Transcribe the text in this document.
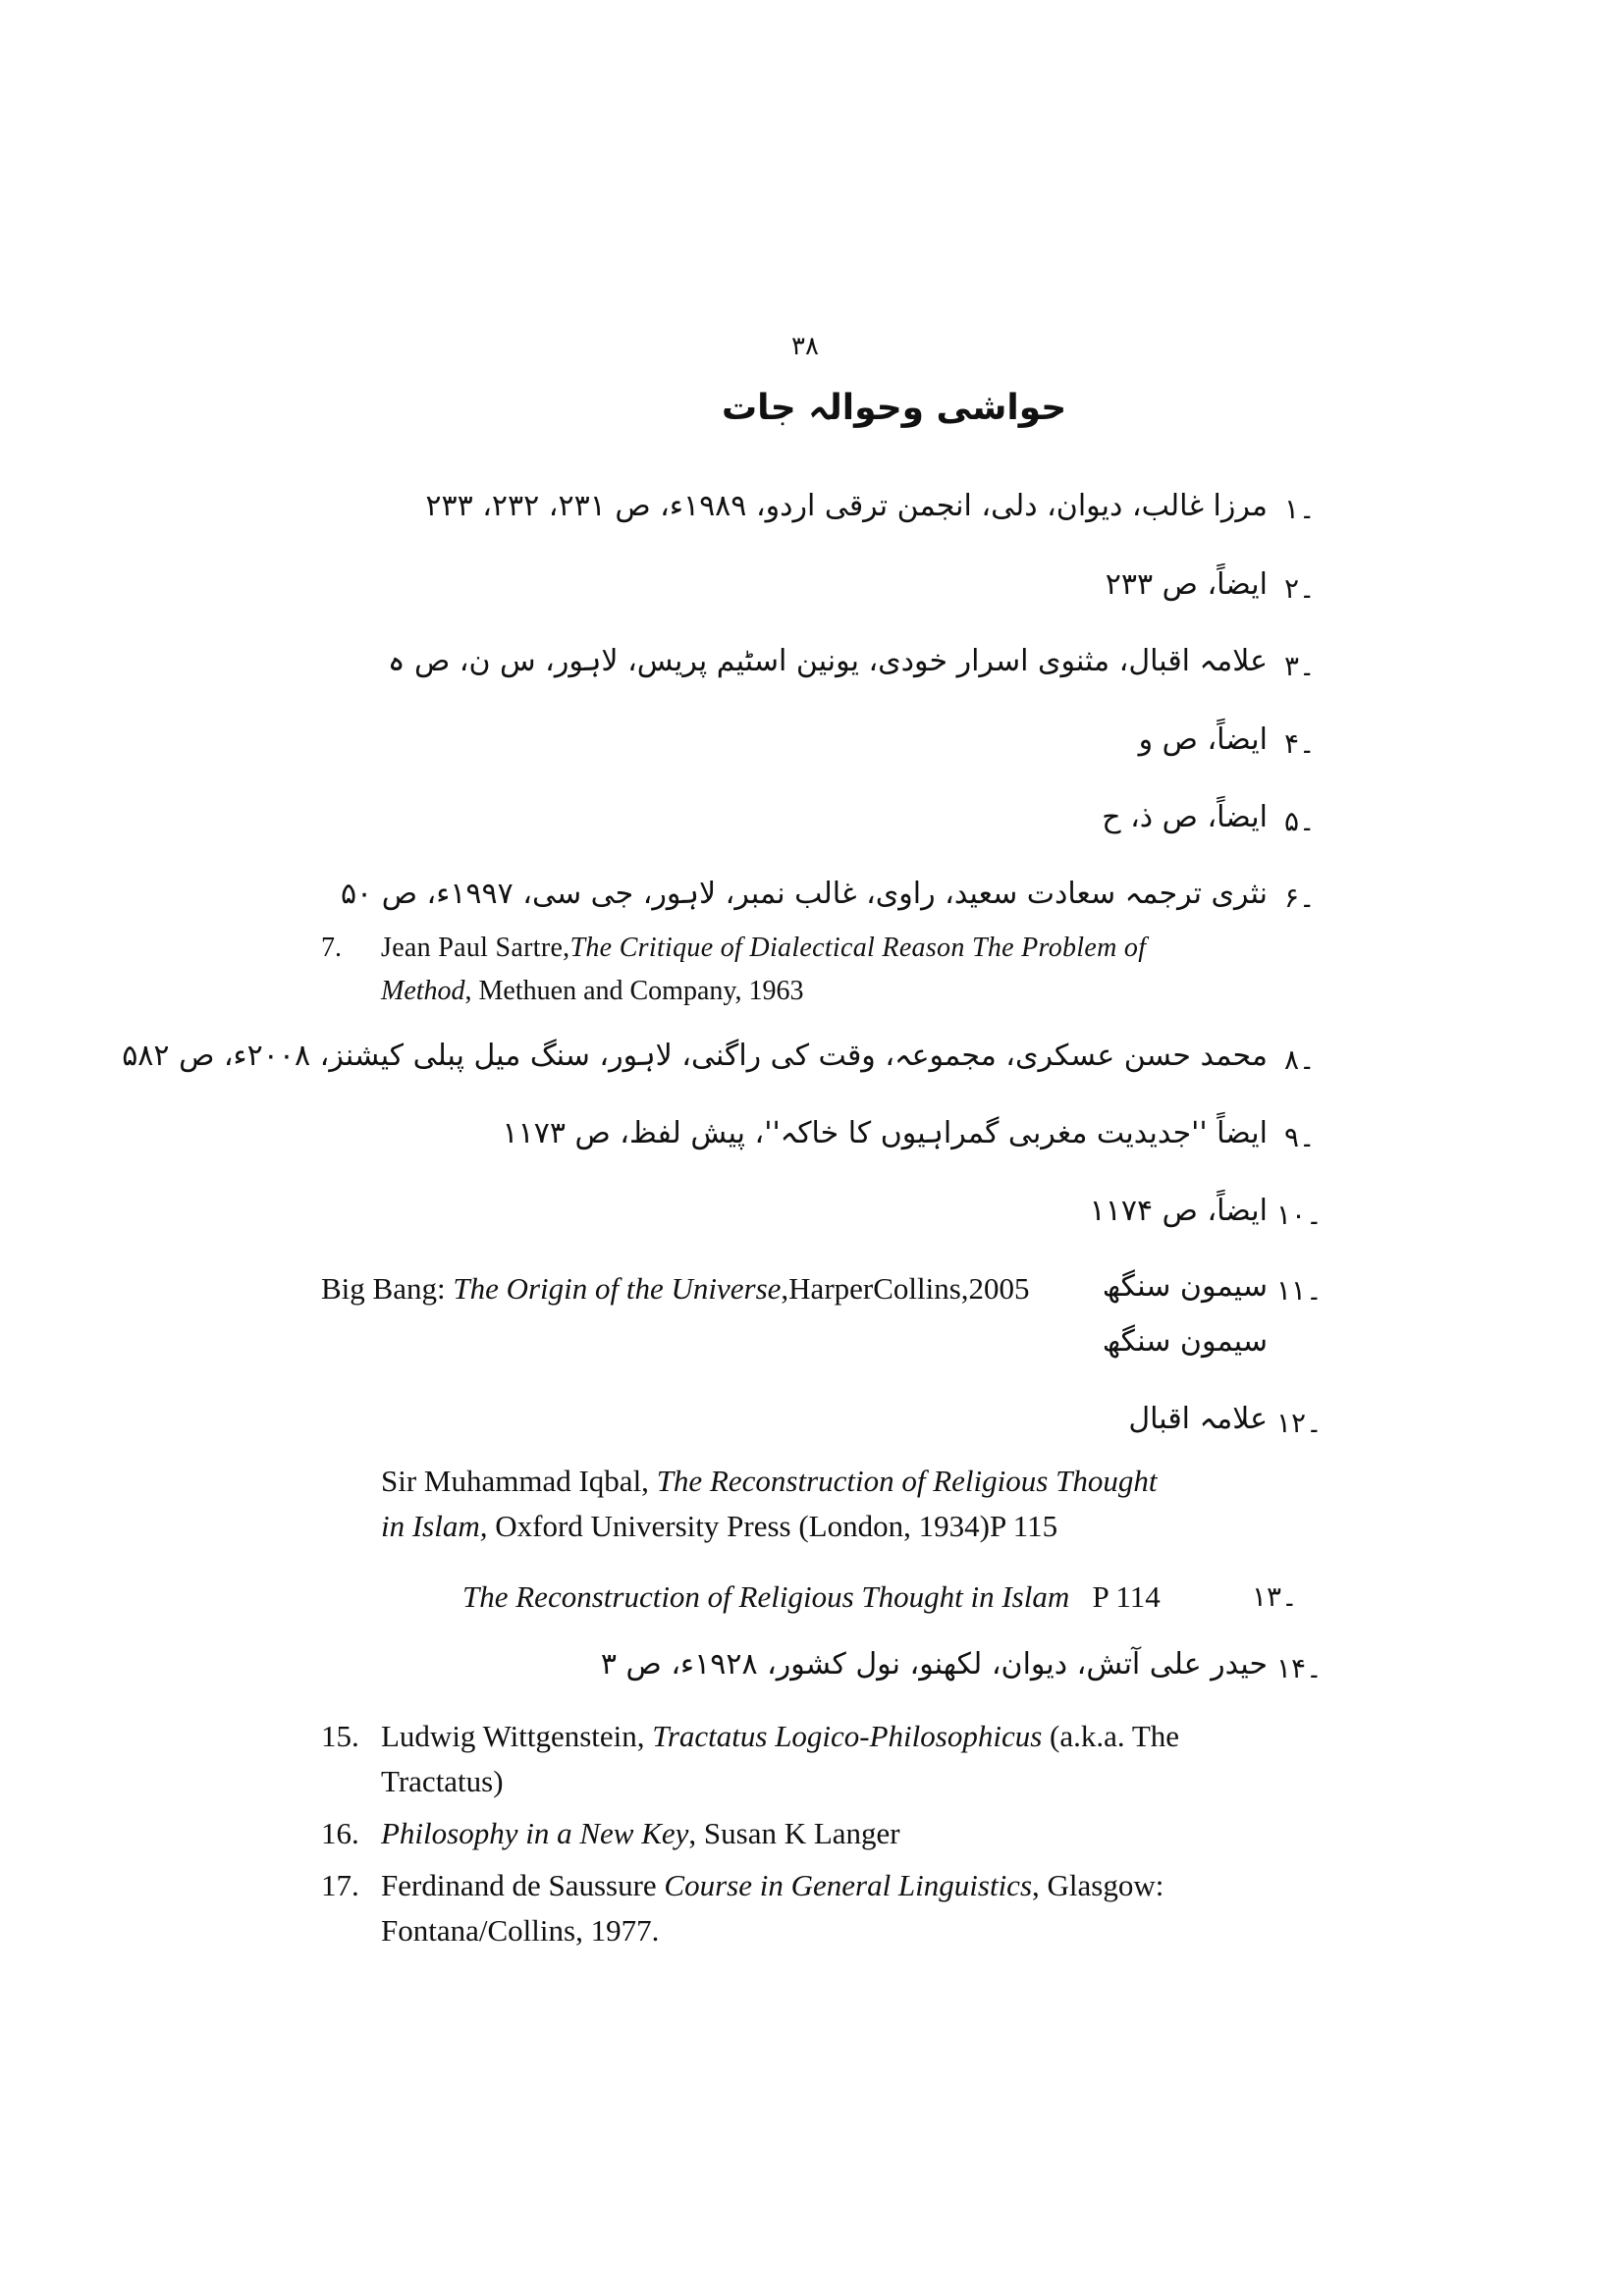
۳۸
حواشی وحوالہ جات
۱۔
مرزا غالب، دیوان، دلی، انجمن ترقی اردو، ۱۹۸۹ء، ص ۲۳۱، ۲۳۲، ۲۳۳
۲۔
ایضاً، ص ۲۳۳
۳۔
علامہ اقبال، مثنوی اسرار خودی، یونین اسٹیم پریس، لاہور، س ن، ص ہ
۴۔
ایضاً، ص و
۵۔
ایضاً، ص ذ، ح
۶۔
نثری ترجمہ سعادت سعید، راوی، غالب نمبر، لاہور، جی سی، ۱۹۹۷ء، ص ۵۰
7. Jean Paul Sartre,The Critique of Dialectical Reason The Problem of
Method, Methuen and Company, 1963
۸۔
محمد حسن عسکری، مجموعہ، وقت کی راگنی، لاہور، سنگ میل پبلی کیشنز، ۲۰۰۸ء، ص ۵۸۲
۹۔
ایضاً ''جدیدیت مغربی گمراہیوں کا خاکہ''، پیش لفظ، ص ۱۱۷۳
۱۰۔
ایضاً، ص ۱۱۷۴
۱۱۔
سیمون سنگھ
Big Bang: The Origin of the Universe,HarperCollins,2005
سیمون سنگھ
۱۲۔
علامہ اقبال
Sir Muhammad Iqbal, The Reconstruction of Religious Thought
in Islam, Oxford University Press (London, 1934)P 115
The Reconstruction of Religious Thought in Islam P 114	۱۳۔
۱۴۔
حیدر علی آتش، دیوان، لکھنو، نول کشور، ۱۹۲۸ء، ص ۳
15. Ludwig Wittgenstein, Tractatus Logico-Philosophicus (a.k.a. The
Tractatus)
16. Philosophy in a New Key, Susan K Langer
17. Ferdinand de Saussure Course in General Linguistics, Glasgow:
Fontana/Collins, 1977.
